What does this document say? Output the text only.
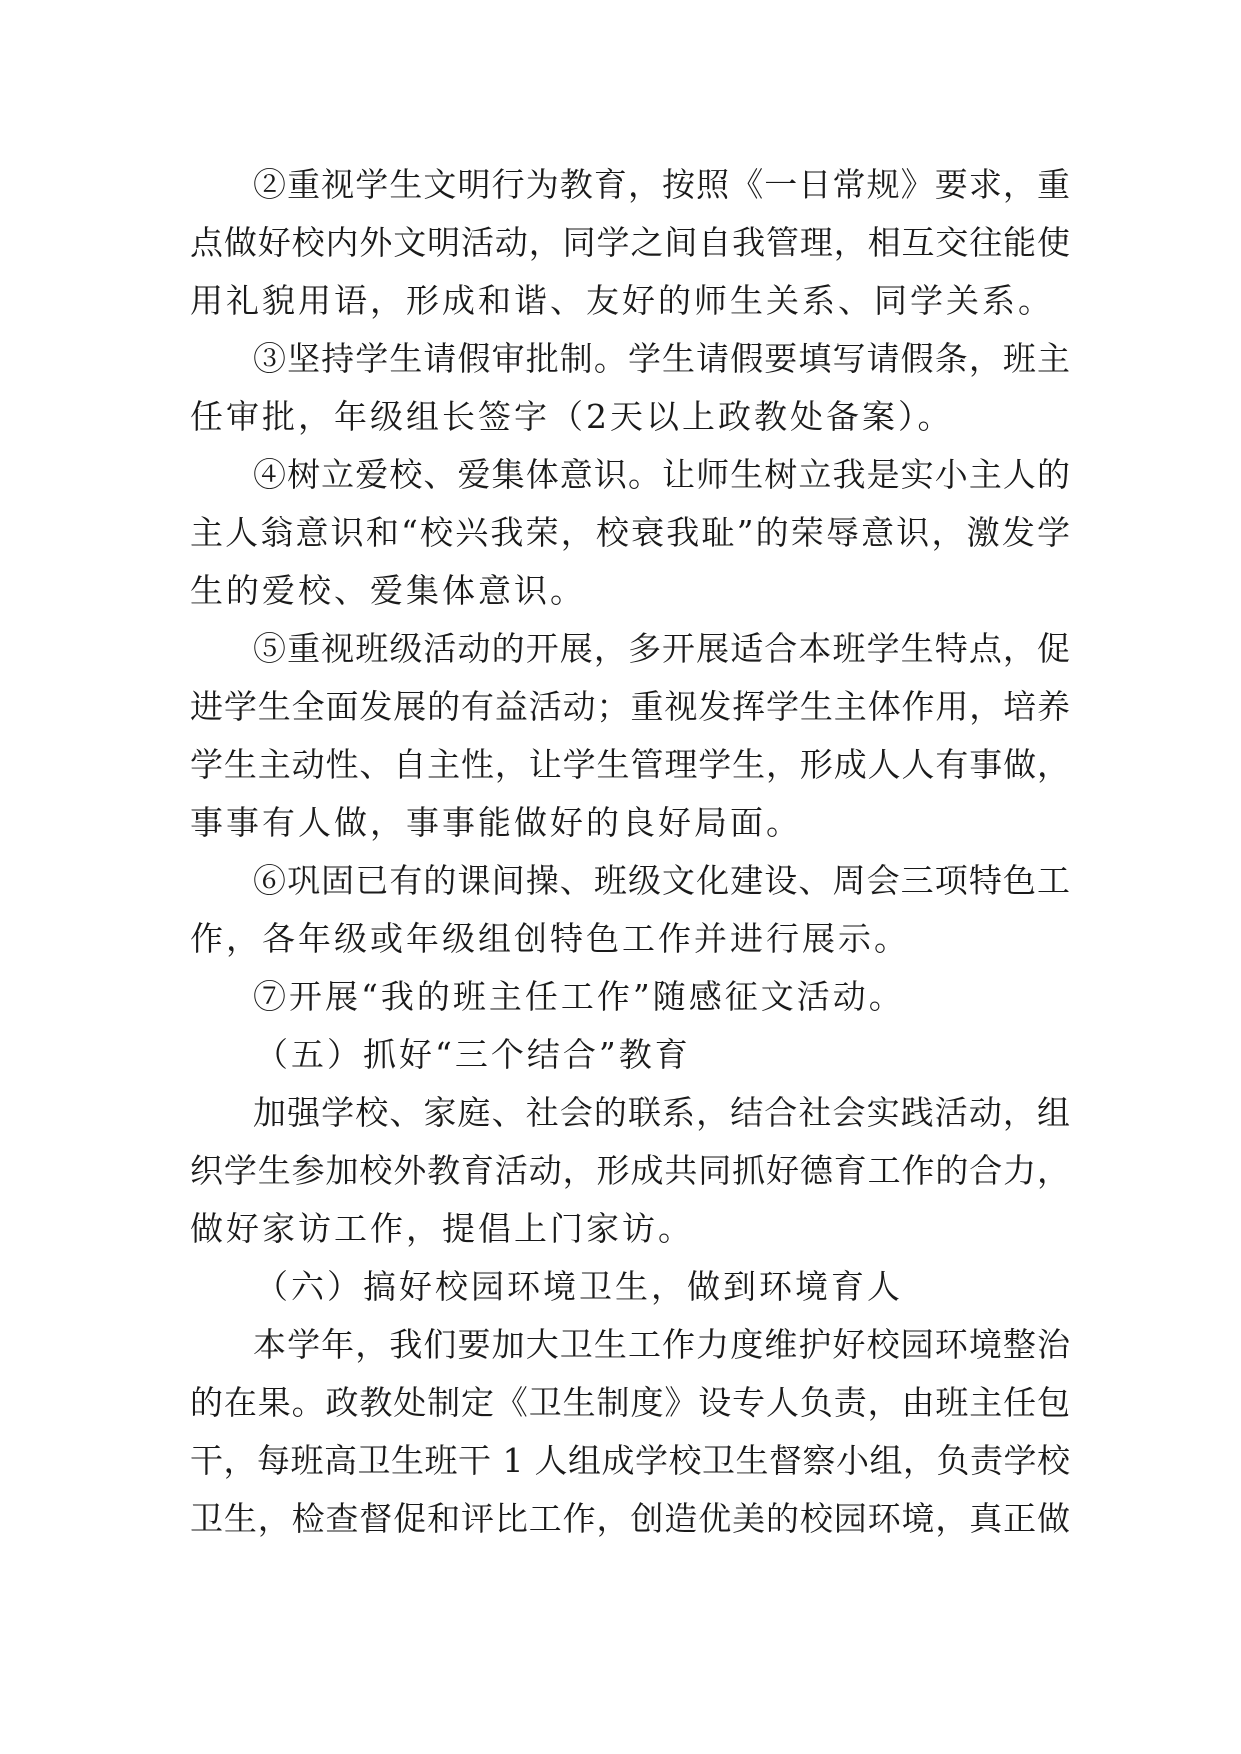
②重视学生文明行为教育，按照《一日常规》要求，重
点做好校内外文明活动，同学之间自我管理，相互交往能使
用礼貌用语，形成和谐、友好的师生关系、同学关系。
③坚持学生请假审批制。学生请假要填写请假条，班主
任审批，年级组长签字（2天以上政教处备案）。
④树立爱校、爱集体意识。让师生树立我是实小主人的
主人翁意识和“校兴我荣，校衰我耻”的荣辱意识，激发学
生的爱校、爱集体意识。
⑤重视班级活动的开展，多开展适合本班学生特点，促
进学生全面发展的有益活动；重视发挥学生主体作用，培养
学生主动性、自主性，让学生管理学生，形成人人有事做，
事事有人做，事事能做好的良好局面。
⑥巩固已有的课间操、班级文化建设、周会三项特色工
作，各年级或年级组创特色工作并进行展示。
⑦开展“我的班主任工作”随感征文活动。
（五）抓好“三个结合”教育
加强学校、家庭、社会的联系，结合社会实践活动，组
织学生参加校外教育活动，形成共同抓好德育工作的合力，
做好家访工作，提倡上门家访。
（六）搞好校园环境卫生，做到环境育人
本学年，我们要加大卫生工作力度维护好校园环境整治
的在果。政教处制定《卫生制度》设专人负责，由班主任包
干，每班高卫生班干 1 人组成学校卫生督察小组，负责学校
卫生，检查督促和评比工作，创造优美的校园环境，真正做
